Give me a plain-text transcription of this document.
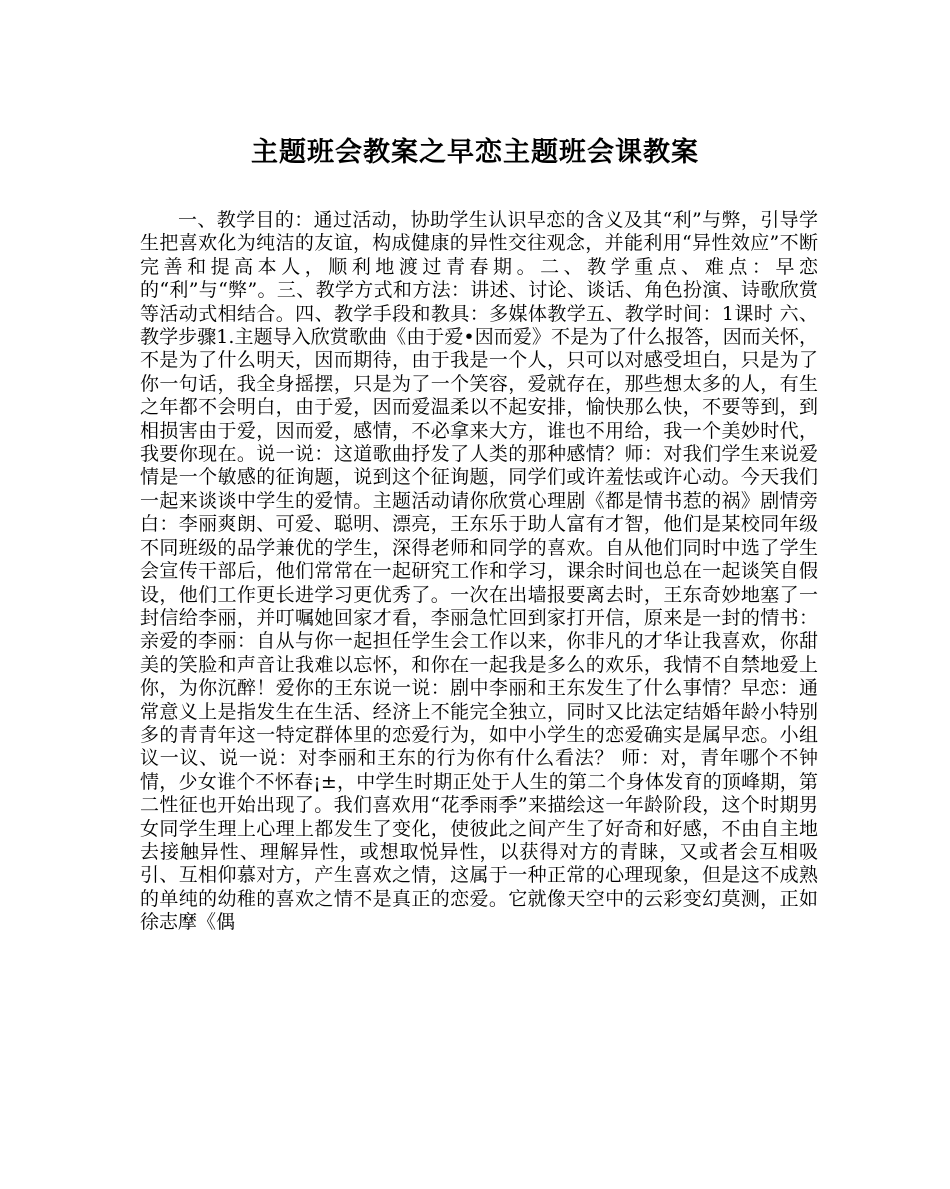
主题班会教案之早恋主题班会课教案

一、教学目的：通过活动，协助学生认识早恋的含义及其“利”与弊，引导学生把喜欢化为纯洁的友谊，构成健康的异性交往观念，并能利用“异性效应”不断完善和提高本人，顺利地渡过青春期。二、教学重点、难点：早恋的“利”与“弊”。三、教学方式和方法：讲述、讨论、谈话、角色扮演、诗歌欣赏等活动式相结合。四、教学手段和教具：多媒体教学五、教学时间：1课时 六、教学步骤1.主题导入欣赏歌曲《由于爱•因而爱》不是为了什么报答，因而关怀，不是为了什么明天，因而期待，由于我是一个人，只可以对感受坦白，只是为了你一句话，我全身摇摆，只是为了一个笑容，爱就存在，那些想太多的人，有生之年都不会明白，由于爱，因而爱温柔以不起安排，愉快那么快，不要等到，到相损害由于爱，因而爱，感情，不必拿来大方，谁也不用给，我一个美妙时代，我要你现在。说一说：这道歌曲抒发了人类的那种感情？师：对我们学生来说爱情是一个敏感的征询题，说到这个征询题，同学们或许羞怯或许心动。今天我们一起来谈谈中学生的爱情。主题活动请你欣赏心理剧《都是情书惹的祸》剧情旁白：李丽爽朗、可爱、聪明、漂亮，王东乐于助人富有才智，他们是某校同年级不同班级的品学兼优的学生，深得老师和同学的喜欢。自从他们同时中选了学生会宣传干部后，他们常常在一起研究工作和学习，课余时间也总在一起谈笑自假设，他们工作更长进学习更优秀了。一次在出墙报要离去时，王东奇妙地塞了一封信给李丽，并叮嘱她回家才看，李丽急忙回到家打开信，原来是一封的情书：亲爱的李丽：自从与你一起担任学生会工作以来，你非凡的才华让我喜欢，你甜美的笑脸和声音让我难以忘怀，和你在一起我是多么的欢乐，我情不自禁地爱上你，为你沉醉！爱你的王东说一说：剧中李丽和王东发生了什么事情？早恋：通常意义上是指发生在生活、经济上不能完全独立，同时又比法定结婚年龄小特别多的青青年这一特定群体里的恋爱行为，如中小学生的恋爱确实是属早恋。小组议一议、说一说：对李丽和王东的行为你有什么看法？ 师：对，青年哪个不钟情，少女谁个不怀春¡±，中学生时期正处于人生的第二个身体发育的顶峰期，第二性征也开始出现了。我们喜欢用“花季雨季”来描绘这一年龄阶段，这个时期男女同学生理上心理上都发生了变化，使彼此之间产生了好奇和好感，不由自主地去接触异性、理解异性，或想取悦异性，以获得对方的青睐，又或者会互相吸引、互相仰慕对方，产生喜欢之情，这属于一种正常的心理现象，但是这不成熟的单纯的幼稚的喜欢之情不是真正的恋爱。它就像天空中的云彩变幻莫测，正如徐志摩《偶
